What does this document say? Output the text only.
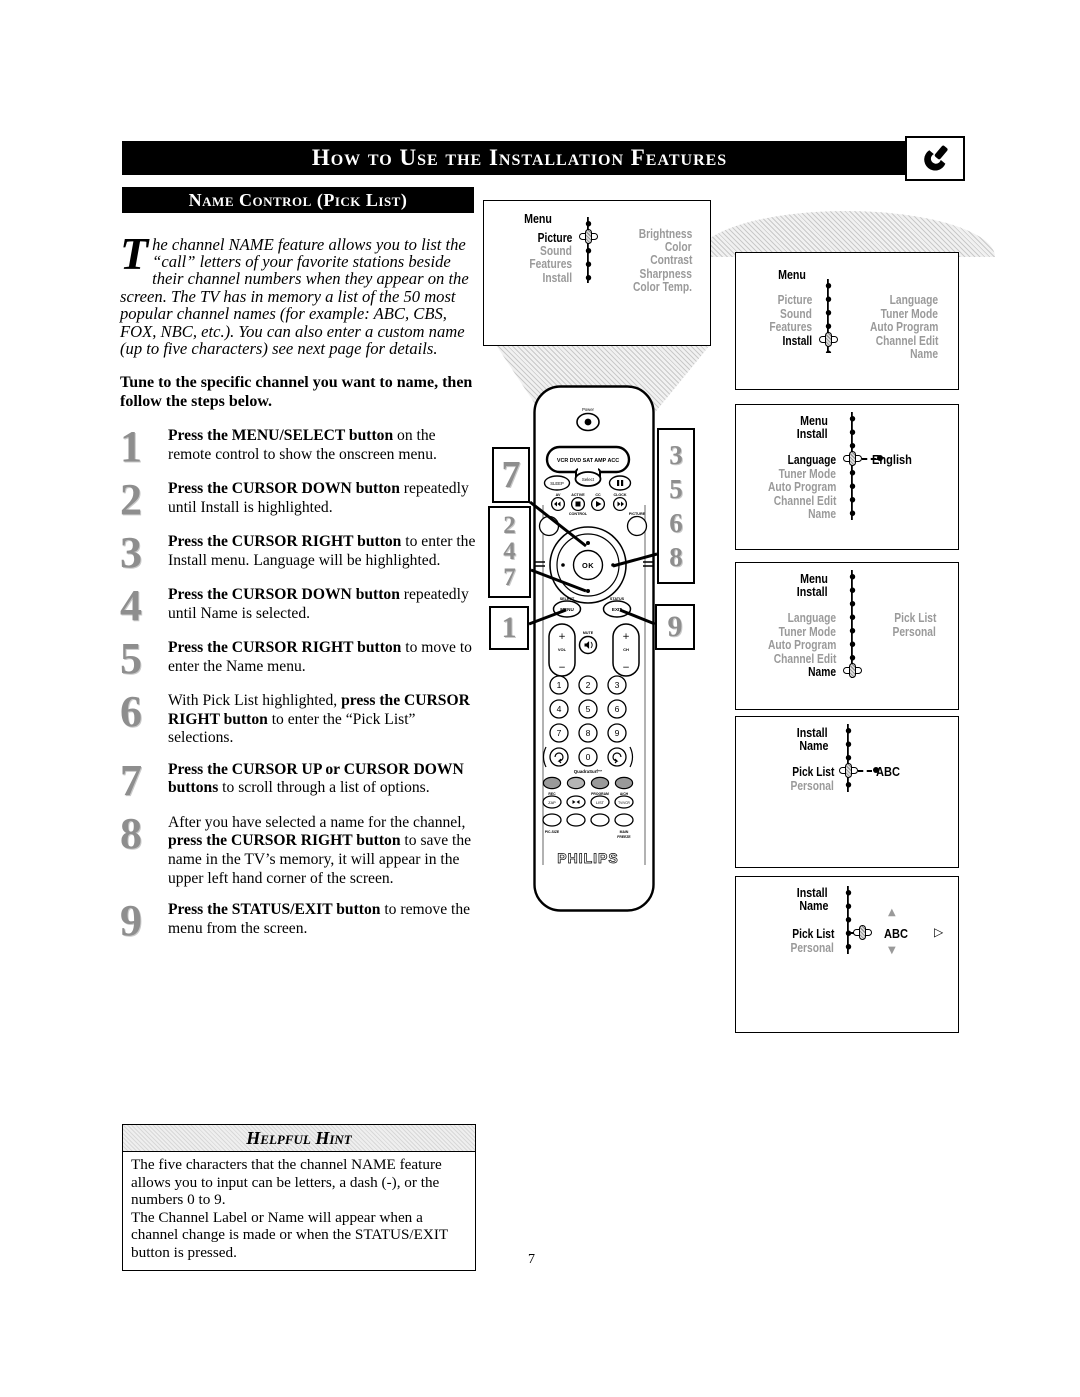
How to Use the Installation Features
Name Control (Pick List)

The channel NAME feature allows you to list the “call” letters of your favorite stations beside their channel numbers when they appear on the screen. The TV has in memory a list of the 50 most popular channel names (for example: ABC, CBS, FOX, NBC, etc.). You can also enter a custom name (up to five characters) see next page for details.

Tune to the specific channel you want to name, then follow the steps below.

1	Press the MENU/SELECT button on the remote control to show the onscreen menu.
2	Press the CURSOR DOWN button repeatedly until Install is highlighted.
3	Press the CURSOR RIGHT button to enter the Install menu. Language will be highlighted.
4	Press the CURSOR DOWN button repeatedly until Name is selected.
5	Press the CURSOR RIGHT button to move to enter the Name menu.
6	With Pick List highlighted, press the CURSOR RIGHT button to enter the “Pick List” selections.
7	Press the CURSOR UP or CURSOR DOWN buttons to scroll through a list of options.
8	After you have selected a name for the channel, press the CURSOR RIGHT button to save the name in the TV’s memory, it will appear in the upper left hand corner of the screen.
9	Press the STATUS/EXIT button to remove the menu from the screen.
Helpful Hint
The five characters that the channel NAME feature allows you to input can be letters, a dash (-), or the numbers 0 to 9.
The Channel Label or Name will appear when a channel change is made or when the STATUS/EXIT button is pressed.
Menu
Picture
Sound
Features
Install
Brightness
Color
Contrast
Sharpness
Color Temp.
Menu
Picture
Sound
Features
Install
Language
Tuner Mode
Auto Program
Channel Edit
Name
Menu
Install
Language
Tuner Mode
Auto Program
Channel Edit
Name
English
Menu
Install
Language
Tuner Mode
Auto Program
Channel Edit
Name
Pick List
Personal
Install
Name
Pick List
Personal
ABC
Install
Name
Pick List
Personal
ABC
▲
▼
▷
7
2
4
7
1
3
5
6
8
9
Power
VCR DVD SAT AMP ACC
SLEEP
Select
AV	ACTIVE	CC	CLOCK
CONTROL	PICTURE
OK
SELECT
MENU
STATUS
EXIT
+
VOL
−
MUTE	+
CH
−
1	2	3
4	5	6
7	8	9
0
QuadraSurf™
REC	PROGRAM	A/CH
ZAP	LIST	TV/VCR
PIC-SIZE	MAIN
FREEZE
PHILIPS
7
